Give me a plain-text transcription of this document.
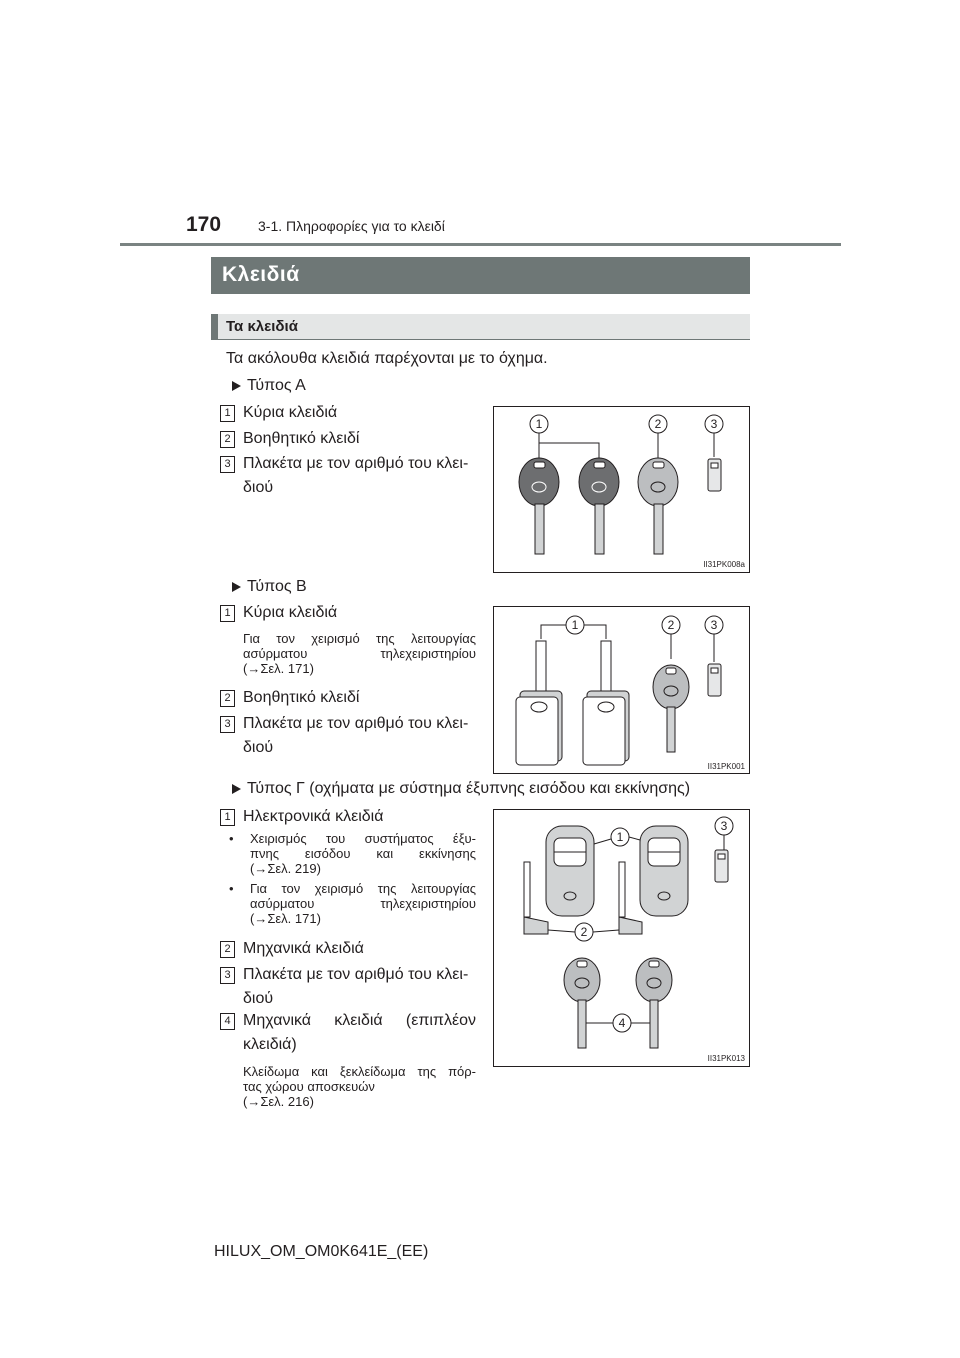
170	3-1. Πληροφορίες για το κλειδί
Κλειδιά
Τα κλειδιά
Τα ακόλουθα κλειδιά παρέχονται με το όχημα.
Τύπος Α
1 Κύρια κλειδιά
2 Βοηθητικό κλειδί
3 Πλακέτα με τον αριθμό του κλει-
διού
1	2	3
II31PK008a
Τύπος Β
1 Κύρια κλειδιά
Για τον χειρισμό της λειτουργίας
ασύρματου τηλεχειριστηρίου
(→Σελ. 171)
2 Βοηθητικό κλειδί
3 Πλακέτα με τον αριθμό του κλει-
διού
1	2	3
II31PK001
Τύπος Γ (οχήματα με σύστημα έξυπνης εισόδου και εκκίνησης)
1 Ηλεκτρονικά κλειδιά
• Χειρισμός του συστήματος έξυ-
πνης εισόδου και εκκίνησης
(→Σελ. 219)
• Για τον χειρισμό της λειτουργίας
ασύρματου τηλεχειριστηρίου
(→Σελ. 171)
2 Μηχανικά κλειδιά
3 Πλακέτα με τον αριθμό του κλει-
διού
4 Μηχανικά κλειδιά (επιπλέον
κλειδιά)
Κλείδωμα και ξεκλείδωμα της πόρ-
τας χώρου αποσκευών
(→Σελ. 216)
1
2
3
4
II31PK013
HILUX_OM_OM0K641E_(EE)
